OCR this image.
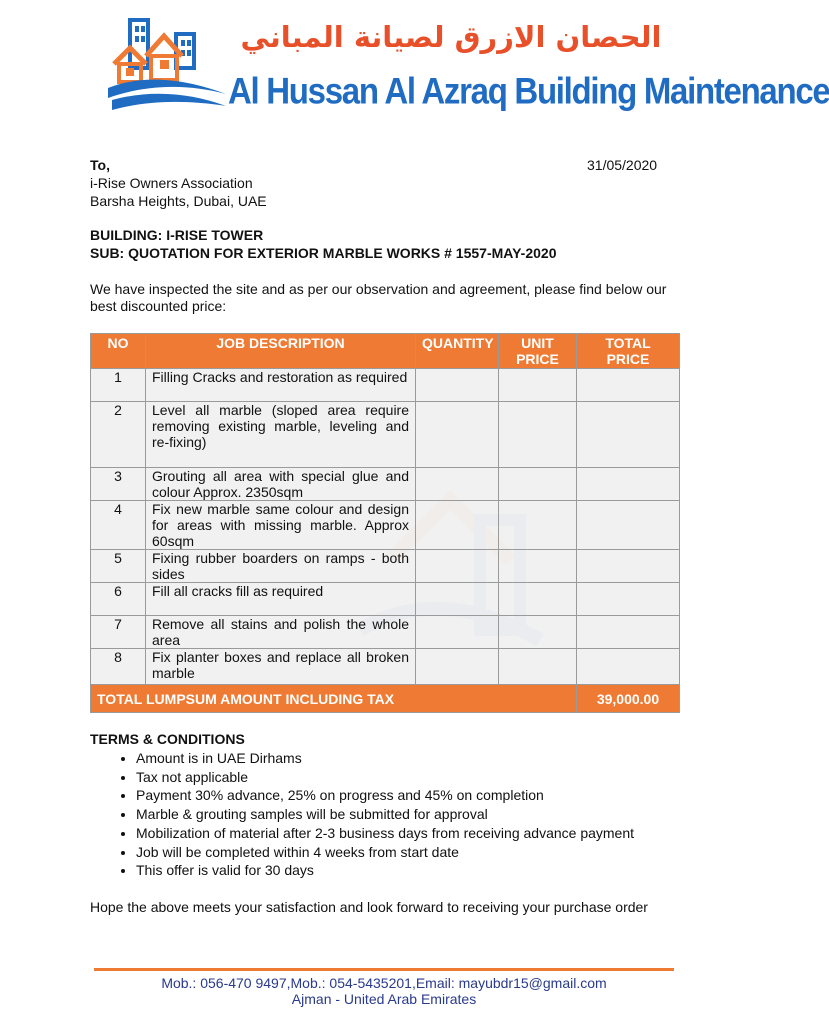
الحصان الازرق لصيانة المباني
Al Hussan Al Azraq Building Maintenance
To,	31/05/2020
i-Rise Owners Association
Barsha Heights, Dubai, UAE
BUILDING: I-RISE TOWER
SUB: QUOTATION FOR EXTERIOR MARBLE WORKS # 1557-MAY-2020
We have inspected the site and as per our observation and agreement, please find below our
best discounted price:
NO	JOB DESCRIPTION	QUANTITY	UNIT PRICE	TOTAL PRICE
1	Filling Cracks and restoration as required			
2	Level all marble (sloped area require removing existing marble, leveling and re-fixing)			
3	Grouting all area with special glue and colour Approx. 2350sqm			
4	Fix new marble same colour and design for areas with missing marble. Approx 60sqm			
5	Fixing rubber boarders on ramps - both sides			
6	Fill all cracks fill as required			
7	Remove all stains and polish the whole area			
8	Fix planter boxes and replace all broken marble			
TOTAL LUMPSUM AMOUNT INCLUDING TAX				39,000.00
TERMS & CONDITIONS
• Amount is in UAE Dirhams
• Tax not applicable
• Payment 30% advance, 25% on progress and 45% on completion
• Marble & grouting samples will be submitted for approval
• Mobilization of material after 2-3 business days from receiving advance payment
• Job will be completed within 4 weeks from start date
• This offer is valid for 30 days
Hope the above meets your satisfaction and look forward to receiving your purchase order
Mob.: 056-470 9497,Mob.: 054-5435201,Email: mayubdr15@gmail.com
Ajman - United Arab Emirates
